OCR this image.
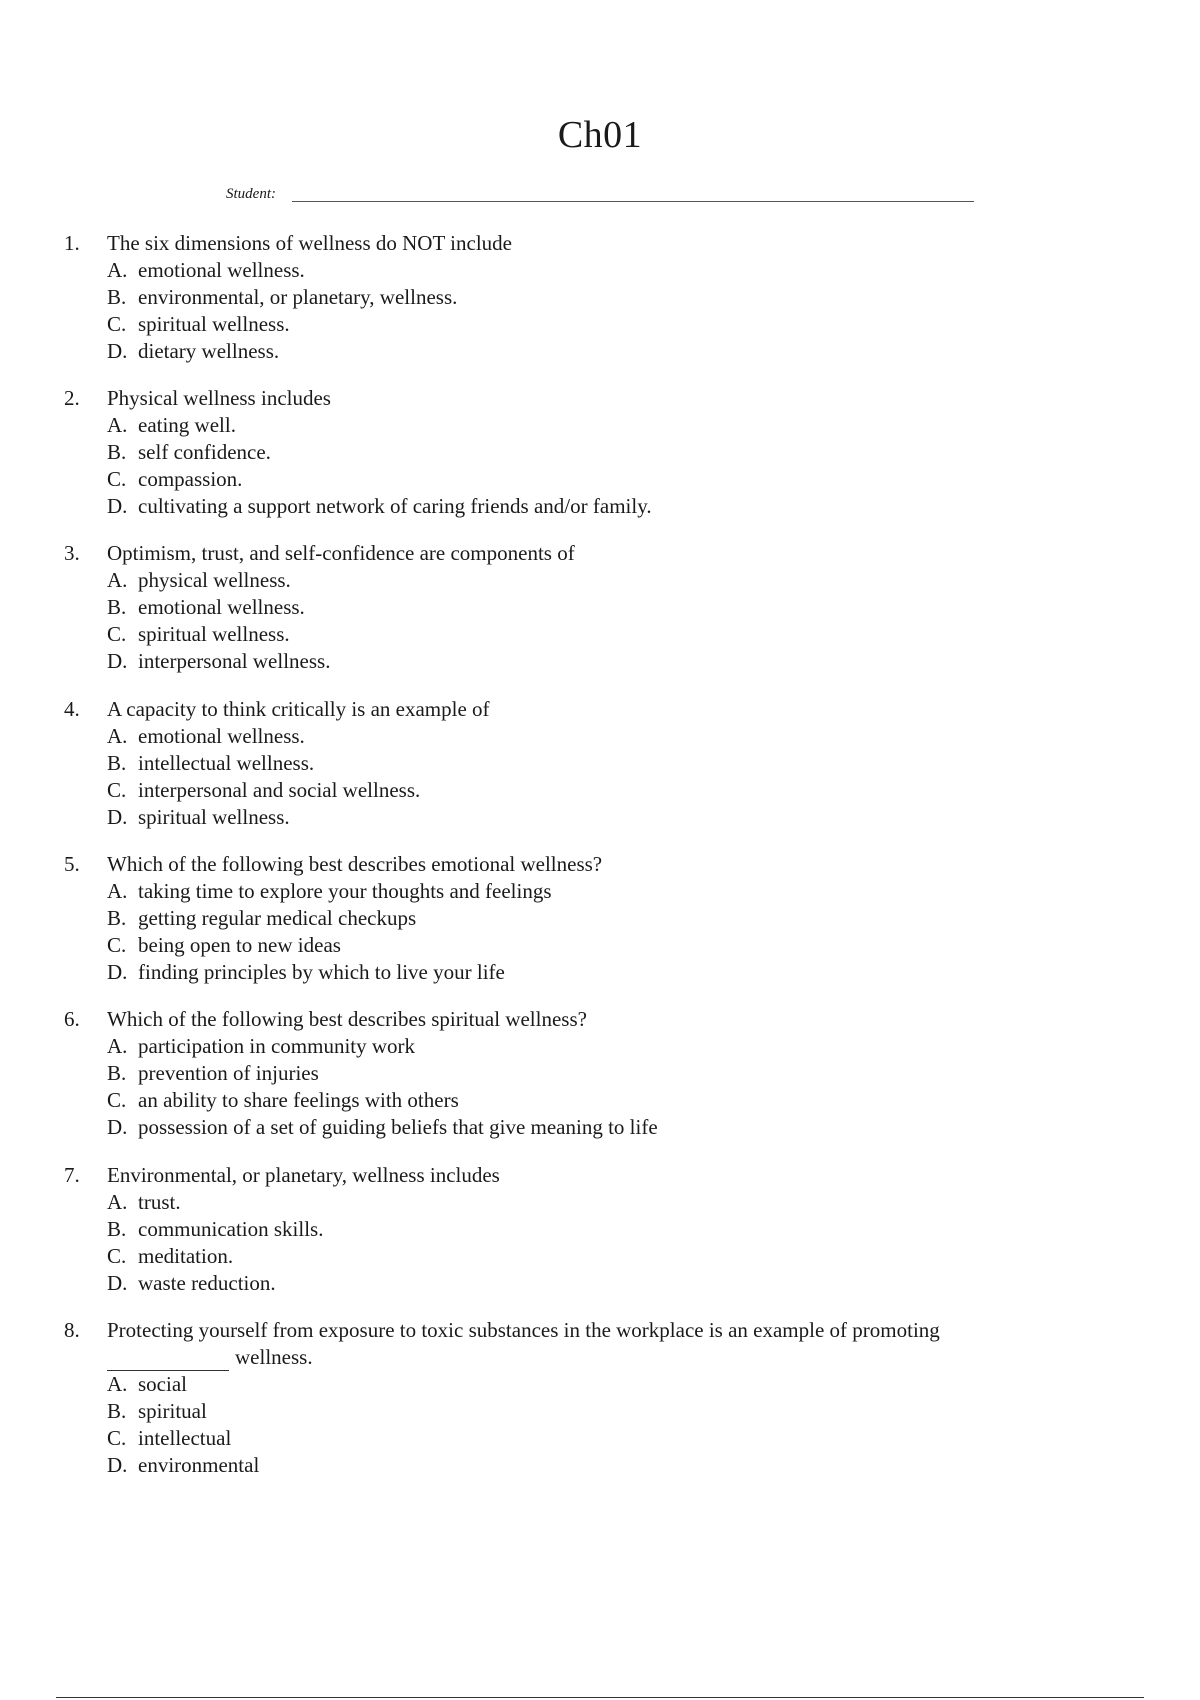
Ch01
Student:
1.	The six dimensions of wellness do NOT include
A. emotional wellness.
B. environmental, or planetary, wellness.
C. spiritual wellness.
D. dietary wellness.
2.	Physical wellness includes
A. eating well.
B. self confidence.
C. compassion.
D. cultivating a support network of caring friends and/or family.
3.	Optimism, trust, and self-confidence are components of
A. physical wellness.
B. emotional wellness.
C. spiritual wellness.
D. interpersonal wellness.
4.	A capacity to think critically is an example of
A. emotional wellness.
B. intellectual wellness.
C. interpersonal and social wellness.
D. spiritual wellness.
5.	Which of the following best describes emotional wellness?
A. taking time to explore your thoughts and feelings
B. getting regular medical checkups
C. being open to new ideas
D. finding principles by which to live your life
6.	Which of the following best describes spiritual wellness?
A. participation in community work
B. prevention of injuries
C. an ability to share feelings with others
D. possession of a set of guiding beliefs that give meaning to life
7.	Environmental, or planetary, wellness includes
A. trust.
B. communication skills.
C. meditation.
D. waste reduction.
8.	Protecting yourself from exposure to toxic substances in the workplace is an example of promoting
wellness.
A. social
B. spiritual
C. intellectual
D. environmental
